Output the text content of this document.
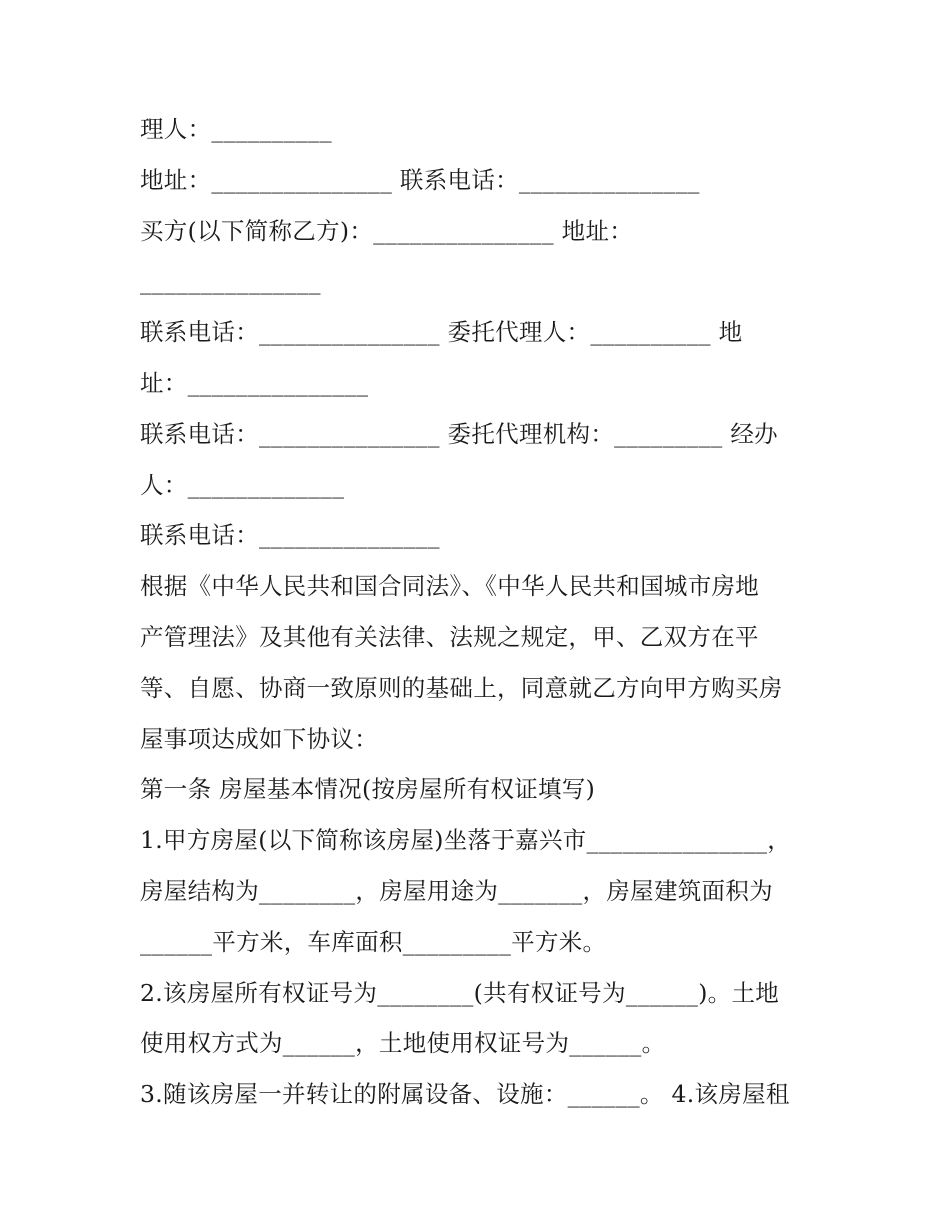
理人：__________
地址：_______________ 联系电话：_______________
买方(以下简称乙方)：_______________ 地址：
_______________
联系电话：_______________ 委托代理人：__________ 地
址：_______________
联系电话：_______________ 委托代理机构：_________ 经办
人：_____________
联系电话：_______________
根据《中华人民共和国合同法》、《中华人民共和国城市房地
产管理法》及其他有关法律、法规之规定，甲、乙双方在平
等、自愿、协商一致原则的基础上，同意就乙方向甲方购买房
屋事项达成如下协议：
第一条 房屋基本情况(按房屋所有权证填写)
1.甲方房屋(以下简称该房屋)坐落于嘉兴市_______________，
房屋结构为________，房屋用途为_______，房屋建筑面积为
______平方米，车库面积_________平方米。
2.该房屋所有权证号为________(共有权证号为______)。土地
使用权方式为______，土地使用权证号为______。
3.随该房屋一并转让的附属设备、设施：______。 4.该房屋租
